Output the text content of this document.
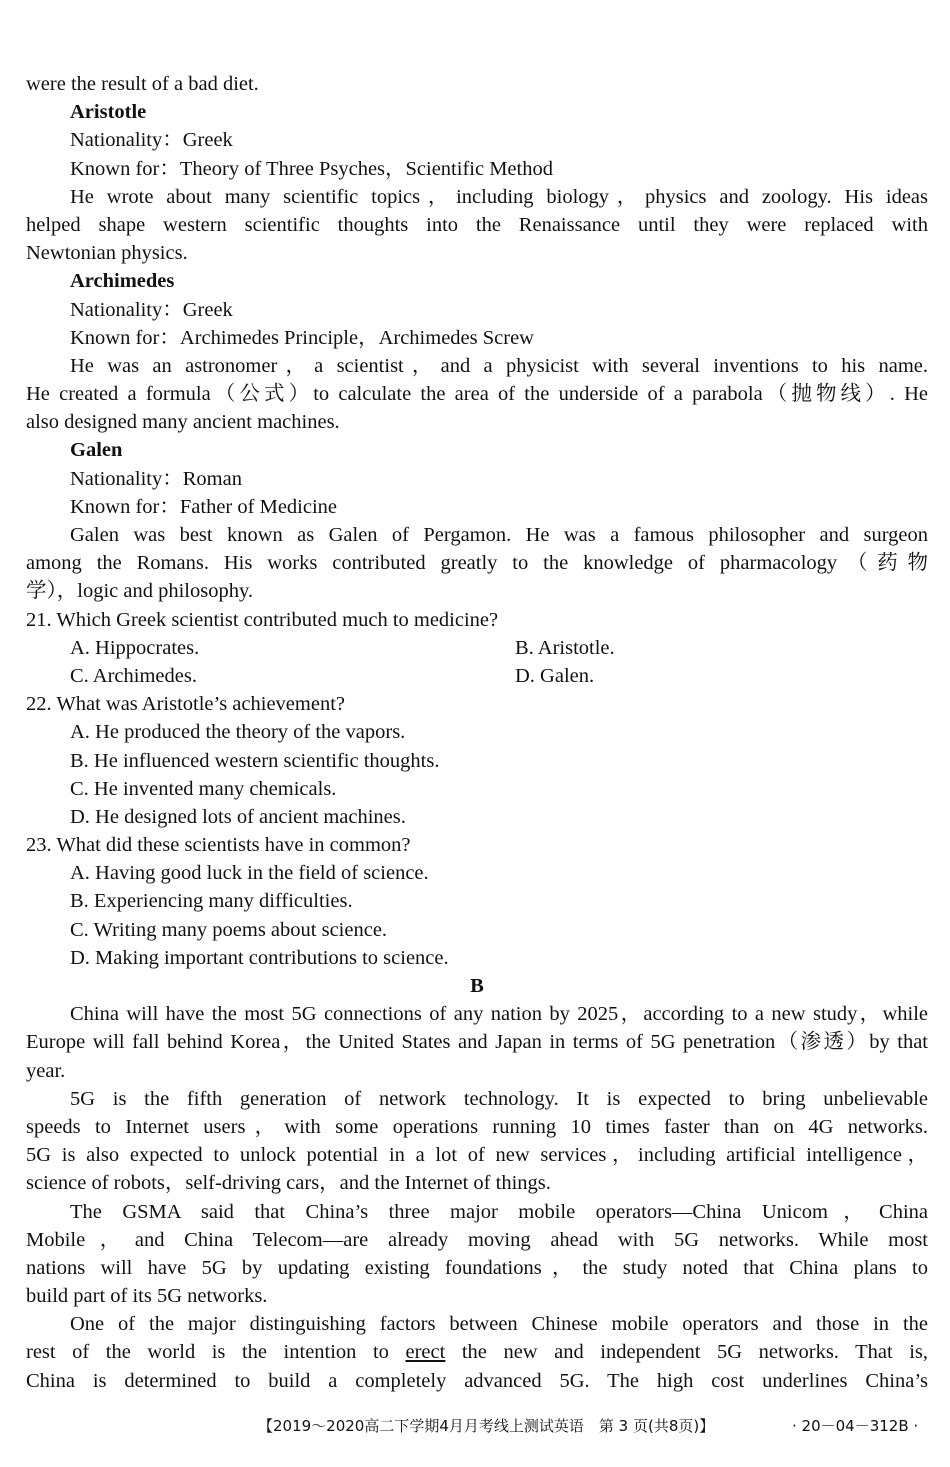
were the result of a bad diet.
Aristotle
Nationality：Greek
Known for：Theory of Three Psyches，Scientific Method
He wrote about many scientific topics，including biology，physics and zoology. His ideas
helped shape western scientific thoughts into the Renaissance until they were replaced with
Newtonian physics.
Archimedes
Nationality：Greek
Known for：Archimedes Principle，Archimedes Screw
He was an astronomer，a scientist，and a physicist with several inventions to his name.
He created a formula（公式）to calculate the area of the underside of a parabola（抛物线）. He
also designed many ancient machines.
Galen
Nationality：Roman
Known for：Father of Medicine
Galen was best known as Galen of Pergamon. He was a famous philosopher and surgeon
among the Romans. His works contributed greatly to the knowledge of pharmacology（药物
学），logic and philosophy.
21. Which Greek scientist contributed much to medicine?
A. Hippocrates.	B. Aristotle.
C. Archimedes.	D. Galen.
22. What was Aristotle’s achievement?
A. He produced the theory of the vapors.
B. He influenced western scientific thoughts.
C. He invented many chemicals.
D. He designed lots of ancient machines.
23. What did these scientists have in common?
A. Having good luck in the field of science.
B. Experiencing many difficulties.
C. Writing many poems about science.
D. Making important contributions to science.
B
China will have the most 5G connections of any nation by 2025，according to a new study，while
Europe will fall behind Korea，the United States and Japan in terms of 5G penetration（渗透）by that
year.
5G is the fifth generation of network technology. It is expected to bring unbelievable
speeds to Internet users，with some operations running 10 times faster than on 4G networks.
5G is also expected to unlock potential in a lot of new services，including artificial intelligence，
science of robots，self-driving cars，and the Internet of things.
The GSMA said that China’s three major mobile operators—China Unicom，China
Mobile，and China Telecom—are already moving ahead with 5G networks. While most
nations will have 5G by updating existing foundations，the study noted that China plans to
build part of its 5G networks.
One of the major distinguishing factors between Chinese mobile operators and those in the
rest of the world is the intention to erect the new and independent 5G networks. That is,
China is determined to build a completely advanced 5G. The high cost underlines China’s
【2019～2020高二下学期4月月考线上测试英语　第 3 页(共8页)】	· 20－04－312B ·
